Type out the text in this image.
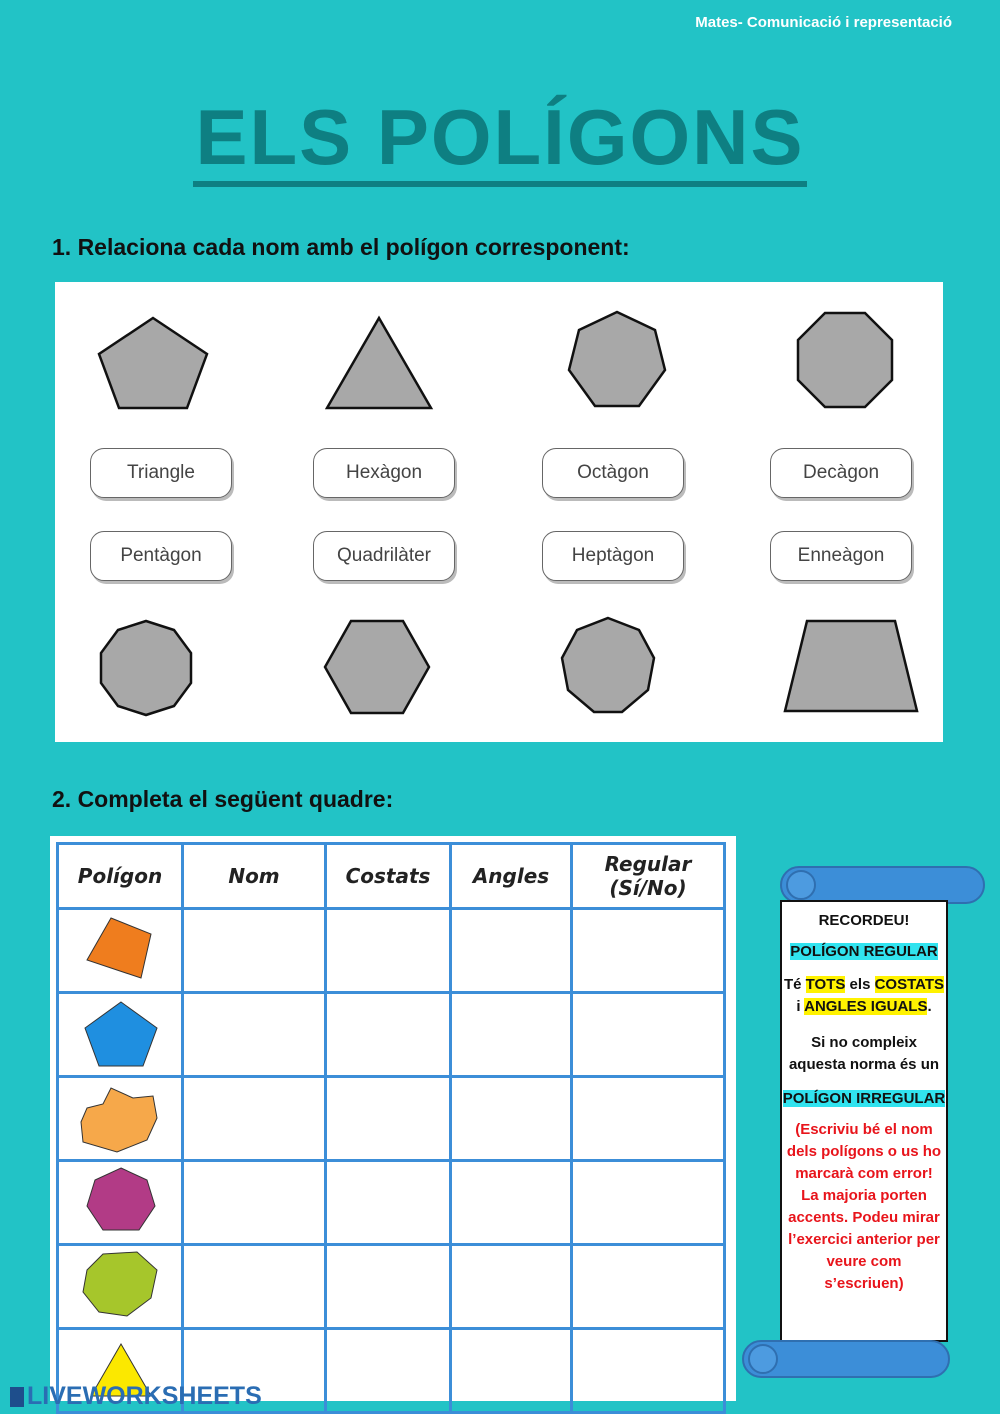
Mates- Comunicació i representació
ELS POLÍGONS
1. Relaciona cada nom amb el polígon corresponent:
Triangle	Hexàgon	Octàgon	Decàgon
Pentàgon	Quadrilàter	Heptàgon	Enneàgon
2. Completa el següent quadre:
Polígon	Nom	Costats	Angles	Regular
(Sí/No)

RECORDEU!

POLÍGON REGULAR

Té TOTS els COSTATS
i ANGLES IGUALS.

Si no compleix
aquesta norma és un

POLÍGON IRREGULAR

(Escriviu bé el nom dels polígons o us ho marcarà com error! La majoria porten accents. Podeu mirar l’exercici anterior per veure com s’escriuen)

LIVEWORKSHEETS
